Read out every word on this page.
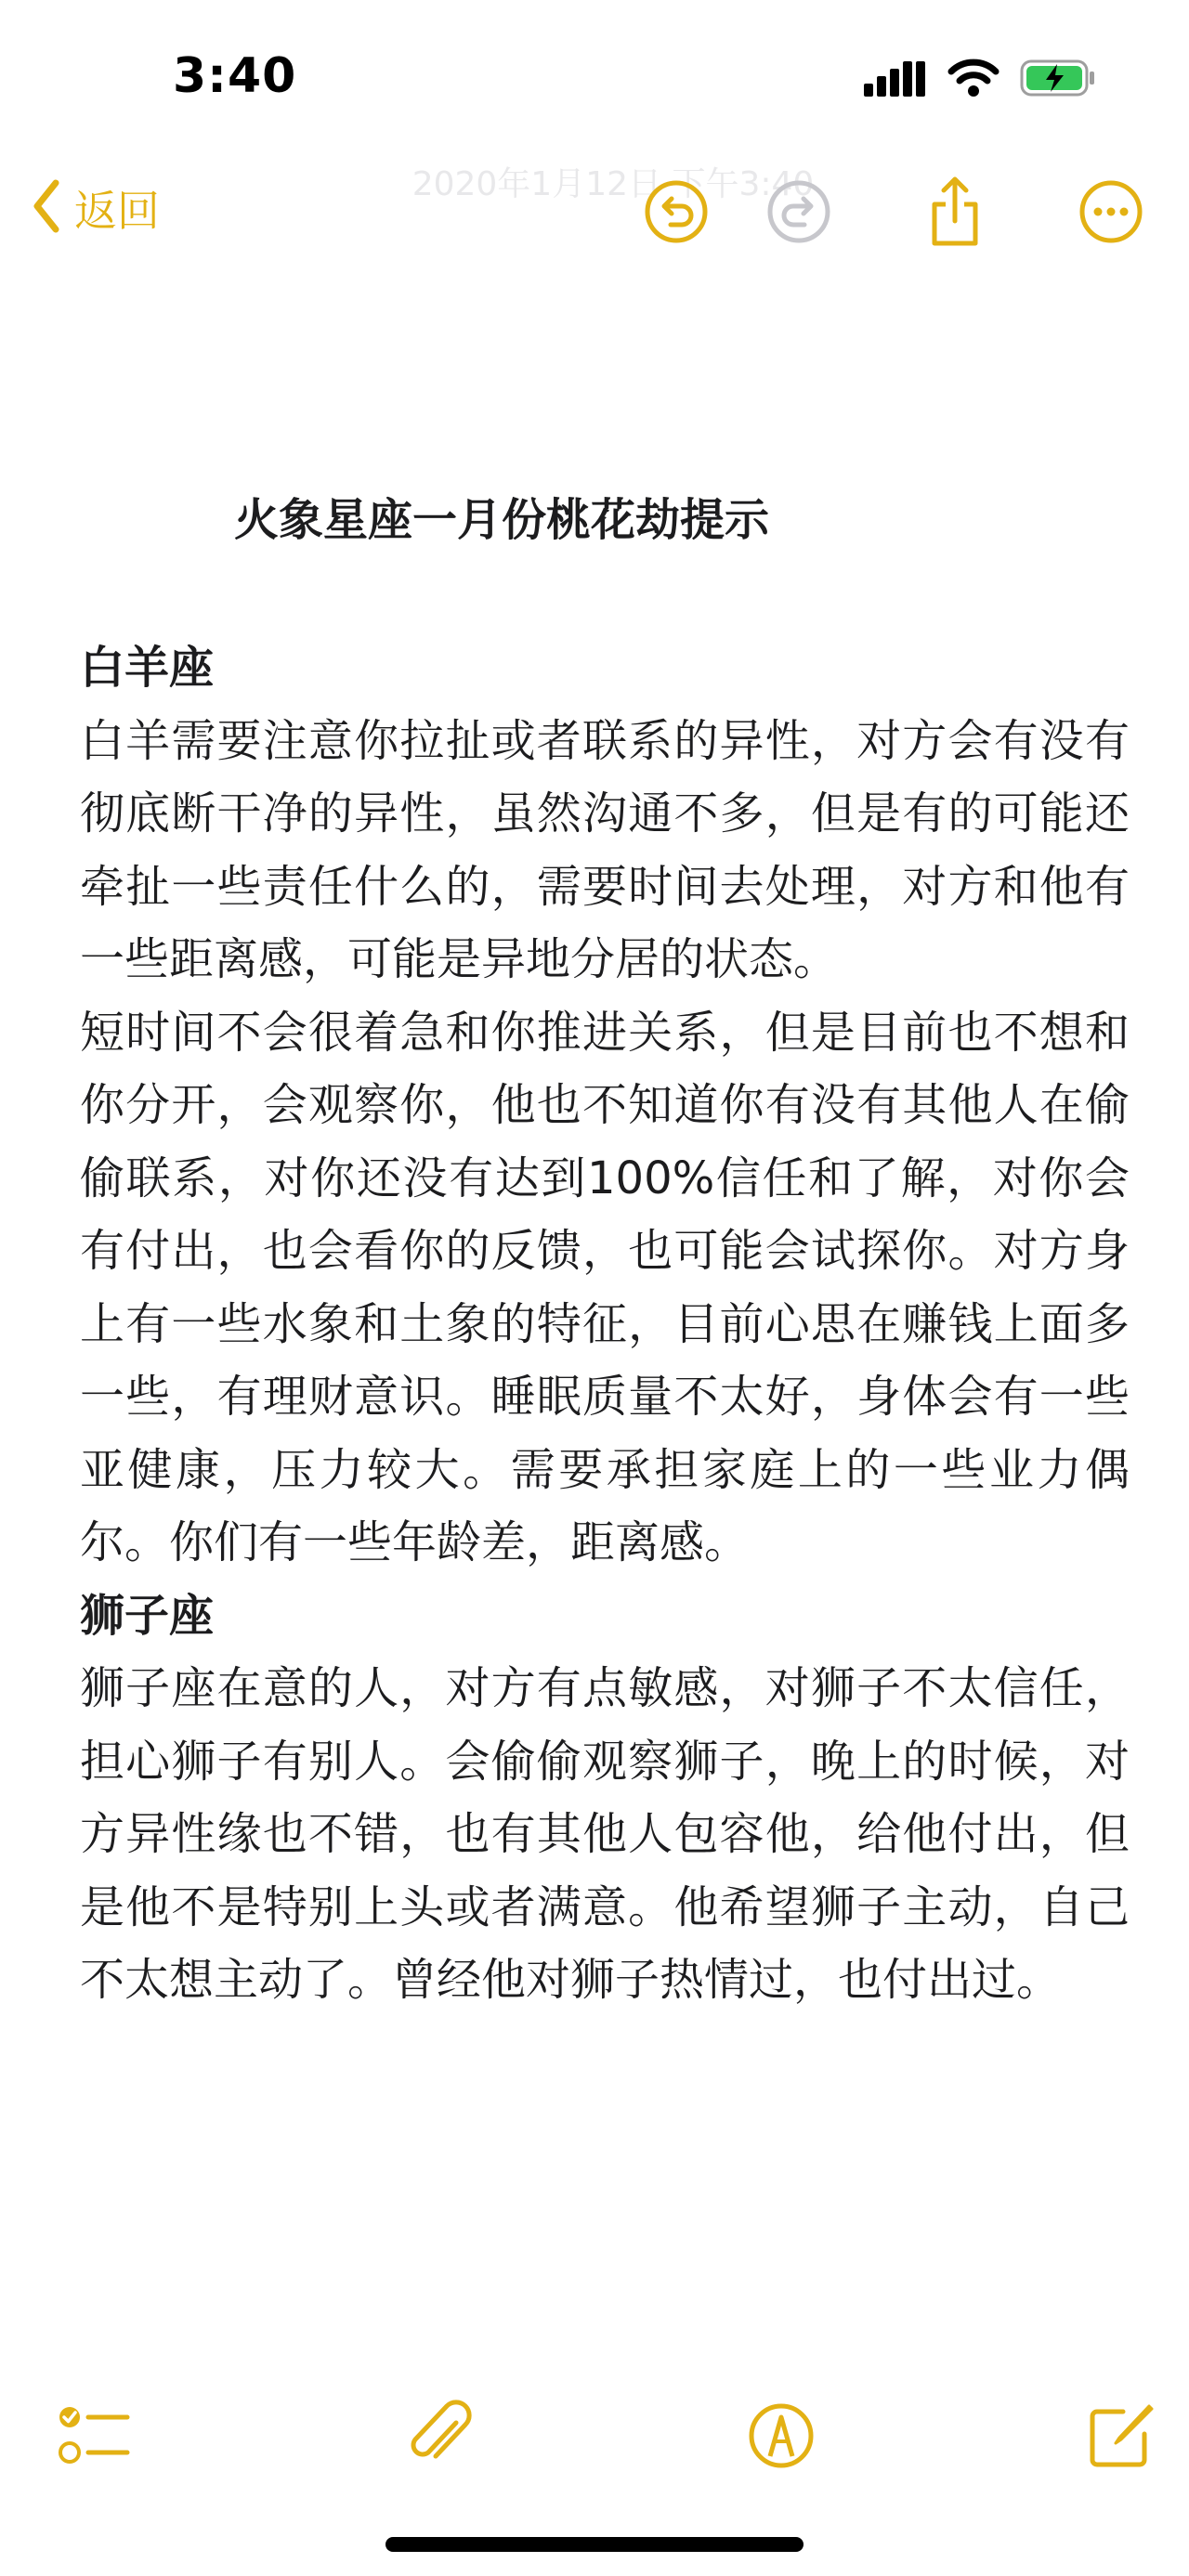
3:40
2020年1月12日 下午3:40
返回
火象星座一月份桃花劫提示

白羊座

白羊需要注意你拉扯或者联系的异性，对方会有没有彻底断干净的异性，虽然沟通不多，但是有的可能还牵扯一些责任什么的，需要时间去处理，对方和他有一些距离感，可能是异地分居的状态。

短时间不会很着急和你推进关系，但是目前也不想和你分开，会观察你，他也不知道你有没有其他人在偷偷联系，对你还没有达到100%信任和了解，对你会有付出，也会看你的反馈，也可能会试探你。对方身上有一些水象和土象的特征，目前心思在赚钱上面多一些，有理财意识。睡眠质量不太好，身体会有一些亚健康，压力较大。需要承担家庭上的一些业力偶尔。你们有一些年龄差，距离感。

狮子座

狮子座在意的人，对方有点敏感，对狮子不太信任，担心狮子有别人。会偷偷观察狮子，晚上的时候，对方异性缘也不错，也有其他人包容他，给他付出，但是他不是特别上头或者满意。他希望狮子主动，自己不太想主动了。曾经他对狮子热情过，也付出过。
